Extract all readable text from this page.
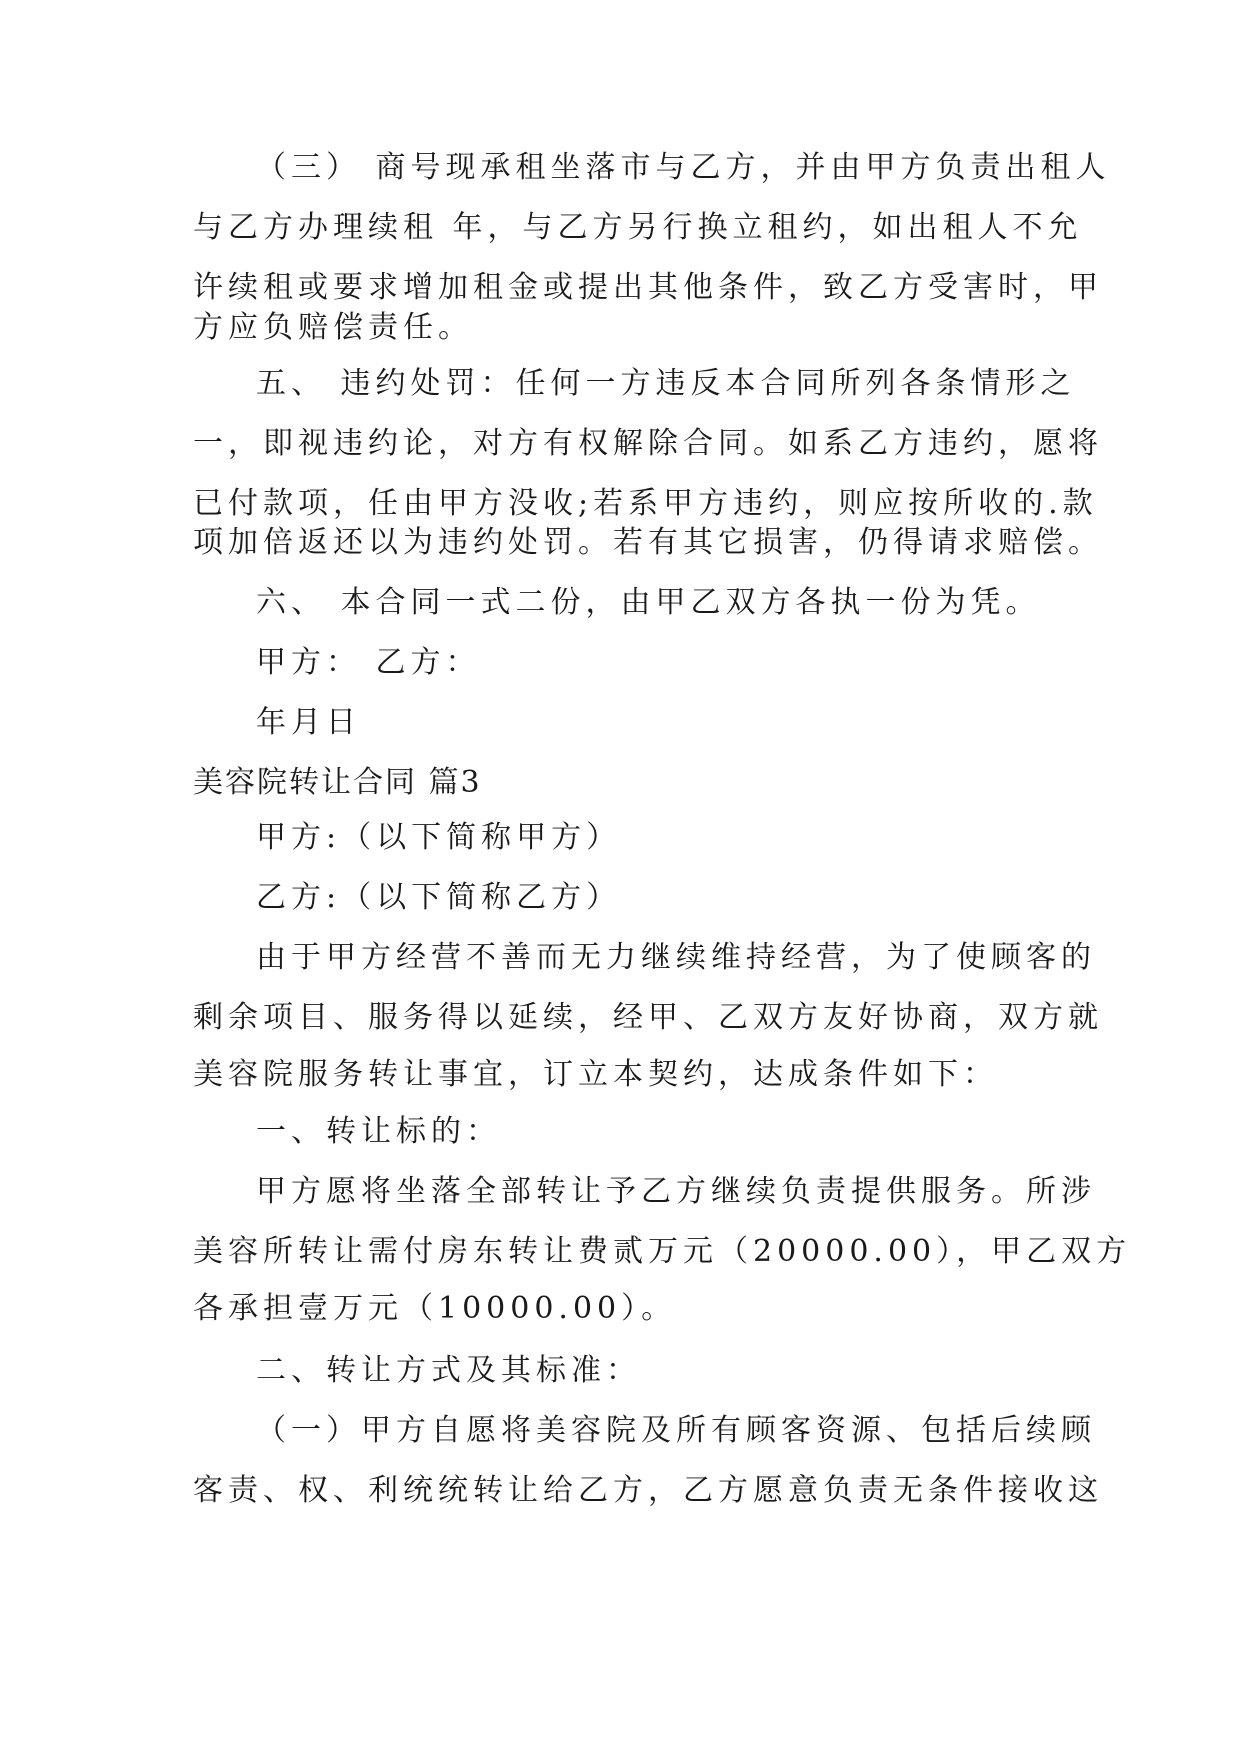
（三） 商号现承租坐落市与乙方，并由甲方负责出租人

与乙方办理续租 年，与乙方另行换立租约，如出租人不允

许续租或要求增加租金或提出其他条件，致乙方受害时，甲

方应负赔偿责任。

五、 违约处罚：任何一方违反本合同所列各条情形之

一，即视违约论，对方有权解除合同。如系乙方违约，愿将

已付款项，任由甲方没收;若系甲方违约，则应按所收的.款

项加倍返还以为违约处罚。若有其它损害，仍得请求赔偿。

六、 本合同一式二份，由甲乙双方各执一份为凭。

甲方： 乙方：

年月日

美容院转让合同 篇3

甲方:（以下简称甲方）

乙方:（以下简称乙方）

由于甲方经营不善而无力继续维持经营，为了使顾客的

剩余项目、服务得以延续，经甲、乙双方友好协商，双方就

美容院服务转让事宜，订立本契约，达成条件如下：

一、转让标的：

甲方愿将坐落全部转让予乙方继续负责提供服务。所涉

美容所转让需付房东转让费贰万元（20000.00），甲乙双方

各承担壹万元（10000.00）。

二、转让方式及其标准：

（一）甲方自愿将美容院及所有顾客资源、包括后续顾

客责、权、利统统转让给乙方，乙方愿意负责无条件接收这
